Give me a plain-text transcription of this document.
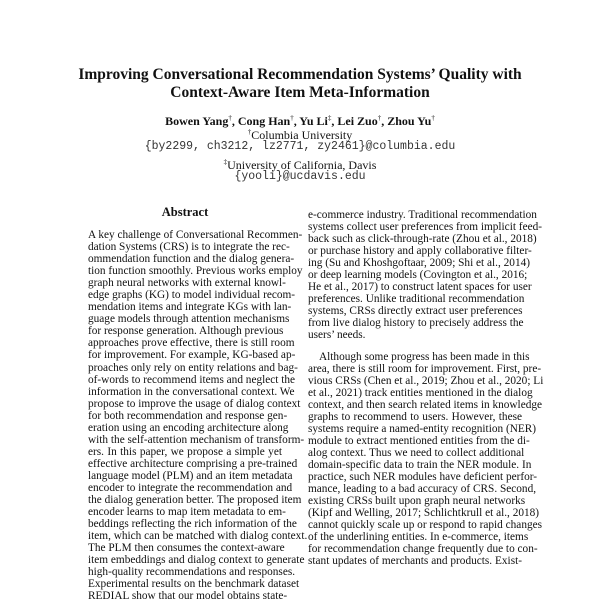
Improving Conversational Recommendation Systems’ Quality with
Context-Aware Item Meta-Information
Bowen Yang†, Cong Han†, Yu Li‡, Lei Zuo†, Zhou Yu†
†Columbia University
{by2299, ch3212, lz2771, zy2461}@columbia.edu
‡University of California, Davis
{yooli}@ucdavis.edu
Abstract
A key challenge of Conversational Recommen-
dation Systems (CRS) is to integrate the rec-
ommendation function and the dialog genera-
tion function smoothly. Previous works employ
graph neural networks with external knowl-
edge graphs (KG) to model individual recom-
mendation items and integrate KGs with lan-
guage models through attention mechanisms
for response generation. Although previous
approaches prove effective, there is still room
for improvement. For example, KG-based ap-
proaches only rely on entity relations and bag-
of-words to recommend items and neglect the
information in the conversational context. We
propose to improve the usage of dialog context
for both recommendation and response gen-
eration using an encoding architecture along
with the self-attention mechanism of transform-
ers. In this paper, we propose a simple yet
effective architecture comprising a pre-trained
language model (PLM) and an item metadata
encoder to integrate the recommendation and
the dialog generation better. The proposed item
encoder learns to map item metadata to em-
beddings reflecting the rich information of the
item, which can be matched with dialog context.
The PLM then consumes the context-aware
item embeddings and dialog context to generate
high-quality recommendations and responses.
Experimental results on the benchmark dataset
REDIAL show that our model obtains state-
e-commerce industry. Traditional recommendation
systems collect user preferences from implicit feed-
back such as click-through-rate (Zhou et al., 2018)
or purchase history and apply collaborative filter-
ing (Su and Khoshgoftaar, 2009; Shi et al., 2014)
or deep learning models (Covington et al., 2016;
He et al., 2017) to construct latent spaces for user
preferences. Unlike traditional recommendation
systems, CRSs directly extract user preferences
from live dialog history to precisely address the
users’ needs.
Although some progress has been made in this
area, there is still room for improvement. First, pre-
vious CRSs (Chen et al., 2019; Zhou et al., 2020; Li
et al., 2021) track entities mentioned in the dialog
context, and then search related items in knowledge
graphs to recommend to users. However, these
systems require a named-entity recognition (NER)
module to extract mentioned entities from the di-
alog context. Thus we need to collect additional
domain-specific data to train the NER module. In
practice, such NER modules have deficient perfor-
mance, leading to a bad accuracy of CRS. Second,
existing CRSs built upon graph neural networks
(Kipf and Welling, 2017; Schlichtkrull et al., 2018)
cannot quickly scale up or respond to rapid changes
of the underlining entities. In e-commerce, items
for recommendation change frequently due to con-
stant updates of merchants and products. Exist-
